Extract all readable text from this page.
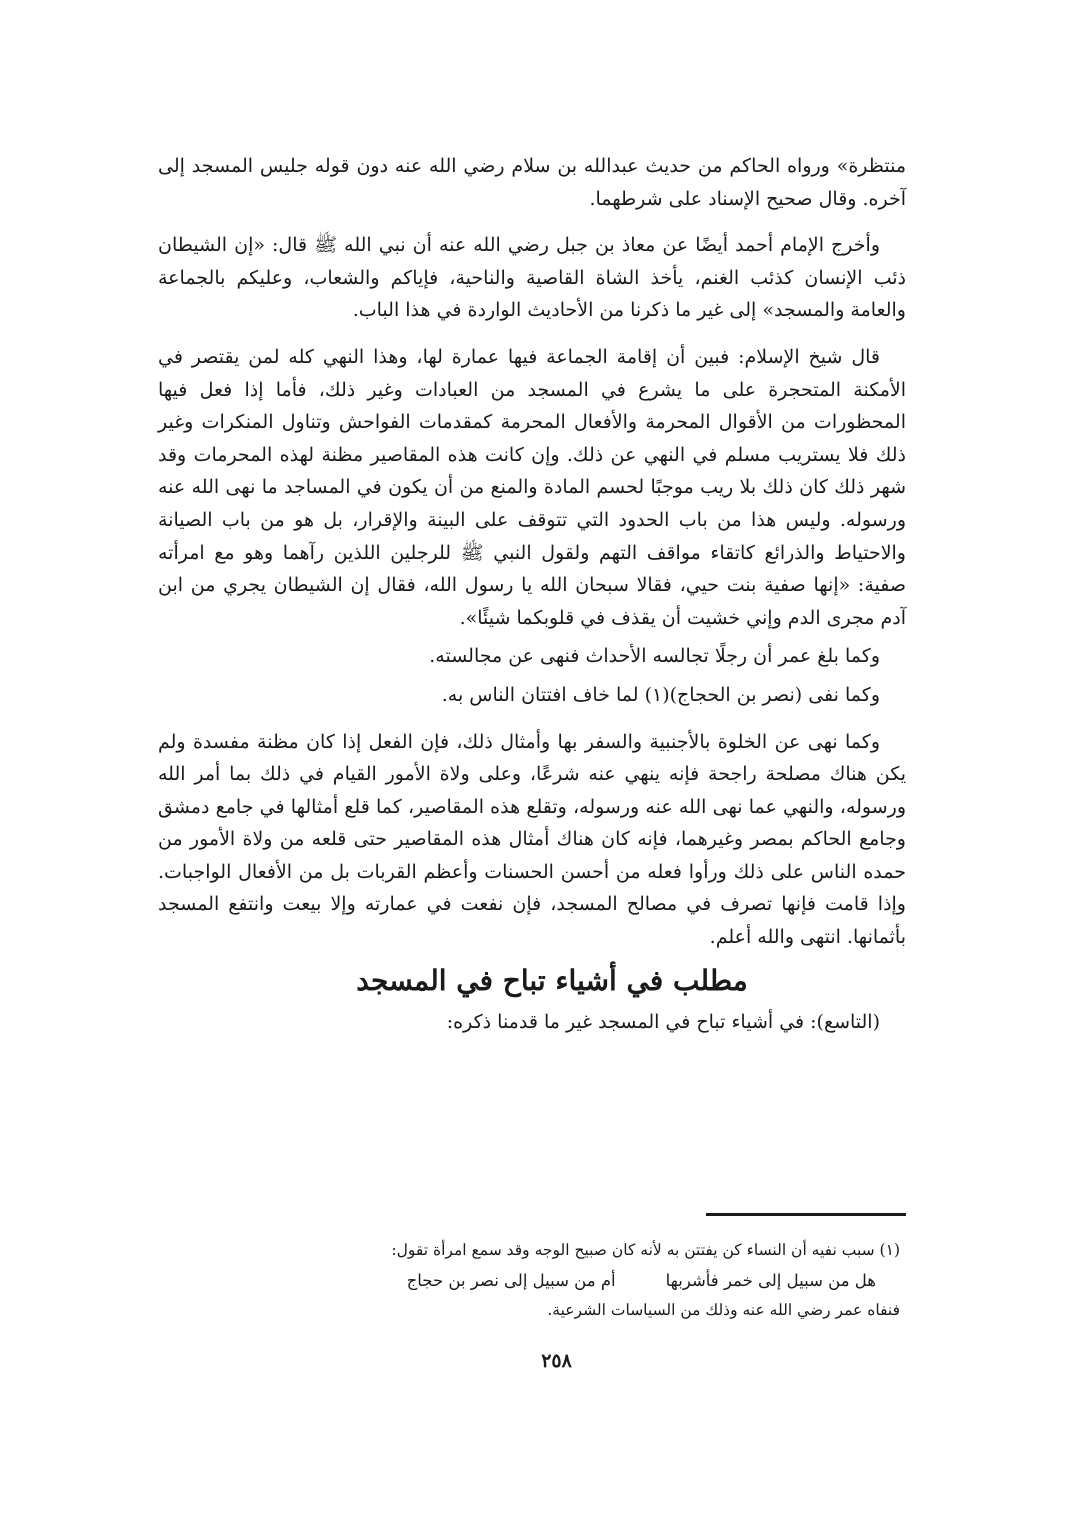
منتظرة» ورواه الحاكم من حديث عبدالله بن سلام رضي الله عنه دون قوله جليس المسجد إلى آخره. وقال صحيح الإسناد على شرطهما.

وأخرج الإمام أحمد أيضًا عن معاذ بن جبل رضي الله عنه أن نبي الله ﷺ قال: «إن الشيطان ذئب الإنسان كذئب الغنم، يأخذ الشاة القاصية والناحية، فإياكم والشعاب، وعليكم بالجماعة والعامة والمسجد» إلى غير ما ذكرنا من الأحاديث الواردة في هذا الباب.

قال شيخ الإسلام: فبين أن إقامة الجماعة فيها عمارة لها، وهذا النهي كله لمن يقتصر في الأمكنة المتحجرة على ما يشرع في المسجد من العبادات وغير ذلك، فأما إذا فعل فيها المحظورات من الأقوال المحرمة والأفعال المحرمة كمقدمات الفواحش وتناول المنكرات وغير ذلك فلا يستريب مسلم في النهي عن ذلك. وإن كانت هذه المقاصير مظنة لهذه المحرمات وقد شهر ذلك كان ذلك بلا ريب موجبًا لحسم المادة والمنع من أن يكون في المساجد ما نهى الله عنه ورسوله. وليس هذا من باب الحدود التي تتوقف على البينة والإقرار، بل هو من باب الصيانة والاحتياط والذرائع كاتقاء مواقف التهم ولقول النبي ﷺ للرجلين اللذين رآهما وهو مع امرأته صفية: «إنها صفية بنت حيي، فقالا سبحان الله يا رسول الله، فقال إن الشيطان يجري من ابن آدم مجرى الدم وإني خشيت أن يقذف في قلوبكما شيئًا».

وكما بلغ عمر أن رجلًا تجالسه الأحداث فنهى عن مجالسته.

وكما نفى (نصر بن الحجاج)(١) لما خاف افتتان الناس به.

وكما نهى عن الخلوة بالأجنبية والسفر بها وأمثال ذلك، فإن الفعل إذا كان مظنة مفسدة ولم يكن هناك مصلحة راجحة فإنه ينهي عنه شرعًا، وعلى ولاة الأمور القيام في ذلك بما أمر الله ورسوله، والنهي عما نهى الله عنه ورسوله، وتقلع هذه المقاصير، كما قلع أمثالها في جامع دمشق وجامع الحاكم بمصر وغيرهما، فإنه كان هناك أمثال هذه المقاصير حتى قلعه من ولاة الأمور من حمده الناس على ذلك ورأوا فعله من أحسن الحسنات وأعظم القربات بل من الأفعال الواجبات. وإذا قامت فإنها تصرف في مصالح المسجد، فإن نفعت في عمارته وإلا بيعت وانتفع المسجد بأثمانها. انتهى والله أعلم.

مطلب في أشياء تباح في المسجد

(التاسع): في أشياء تباح في المسجد غير ما قدمنا ذكره:

(١) سبب نفيه أن النساء كن يفتتن به لأنه كان صبيح الوجه وقد سمع امرأة تقول:

هل من سبيل إلى خمر فأشربها
أم من سبيل إلى نصر بن حجاج

فنفاه عمر رضي الله عنه وذلك من السياسات الشرعية.

٢٥٨
